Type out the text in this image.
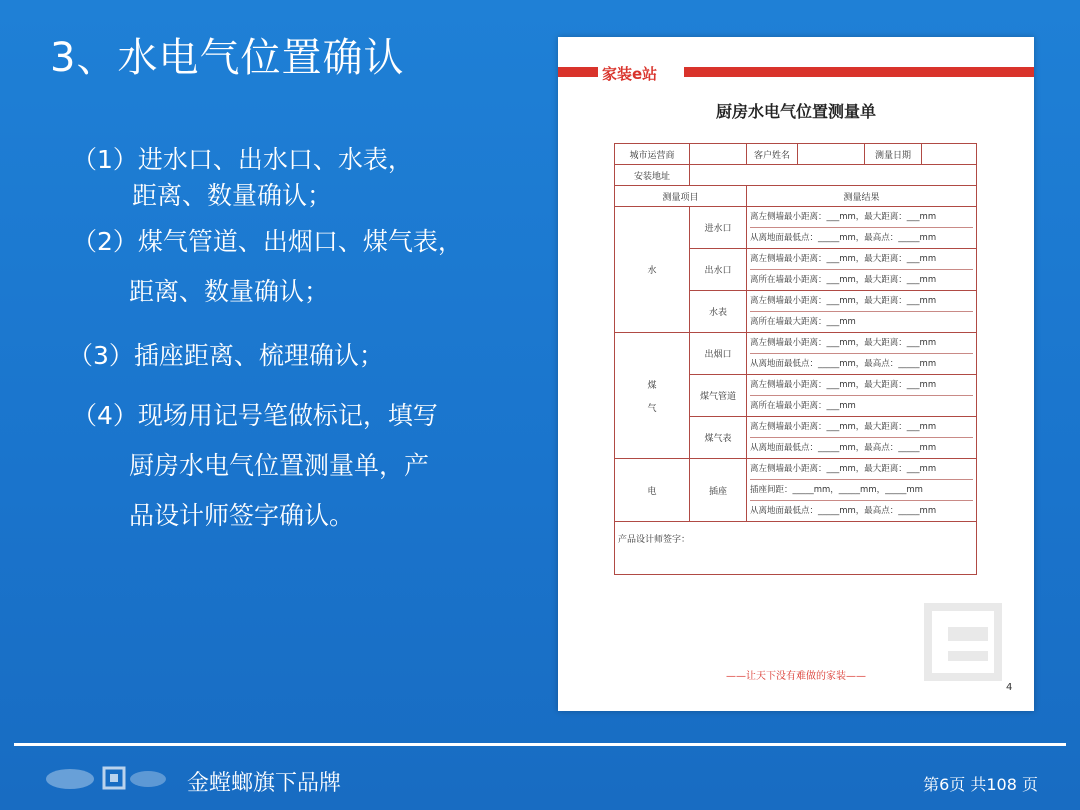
3、水电气位置确认
（1）进水口、出水口、水表，
距离、数量确认；
（2）煤气管道、出烟口、煤气表，
距离、数量确认；
（3）插座距离、梳理确认；
（4）现场用记号笔做标记，填写
厨房水电气位置测量单，产
品设计师签字确认。
家装e站
厨房水电气位置测量单
城市运营商		客户姓名		测量日期	
安装地址					
测量项目		测量结果			
水	进水口	离左侧墙最小距离：___mm，最大距离：___mm
从离地面最低点：_____mm，最高点：_____mm			

	出水口	离左侧墙最小距离：___mm，最大距离：___mm
离所在墙最小距离：___mm，最大距离：___mm			

	水表	离左侧墙最小距离：___mm，最大距离：___mm
离所在墙最大距离：___mm			

煤

气	出烟口	离左侧墙最小距离：___mm，最大距离：___mm
从离地面最低点：_____mm，最高点：_____mm			

	煤气管道	离左侧墙最小距离：___mm，最大距离：___mm
离所在墙最小距离：___mm			

	煤气表	离左侧墙最小距离：___mm，最大距离：___mm
从离地面最低点：_____mm，最高点：_____mm			

电	插座	离左侧墙最小距离：___mm，最大距离：___mm
插座间距：_____mm，_____mm，_____mm
从离地面最低点：_____mm，最高点：_____mm			

产品设计师签字：					
——让天下没有难做的家装——
4
金螳螂旗下品牌	第6页 共108 页
